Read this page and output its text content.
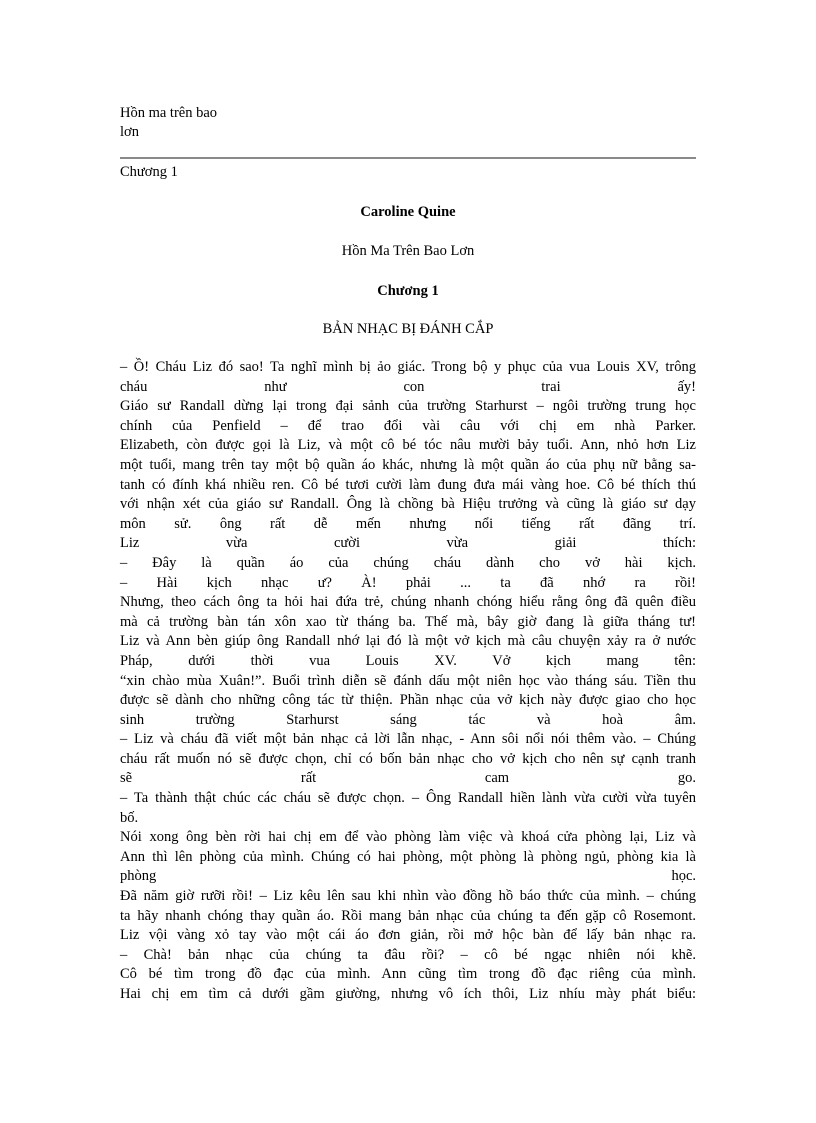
Hồn ma trên bao
lơn
Chương 1
Caroline Quine
Hồn Ma Trên Bao Lơn
Chương 1
BẢN NHẠC BỊ ĐÁNH CẮP
– Ồ! Cháu Liz đó sao! Ta nghĩ mình bị ảo giác. Trong bộ y phục của vua Louis XV, trông
cháu như con trai ấy!
Giáo sư Randall dừng lại trong đại sảnh của trường Starhurst – ngôi trường trung học
chính của Penfield – để trao đổi vài câu với chị em nhà Parker.
Elizabeth, còn được gọi là Liz, và một cô bé tóc nâu mười bảy tuổi. Ann, nhỏ hơn Liz
một tuổi, mang trên tay một bộ quần áo khác, nhưng là một quần áo của phụ nữ bằng sa-
tanh có đính khá nhiều ren. Cô bé tươi cười làm đung đưa mái vàng hoe. Cô bé thích thú
với nhận xét của giáo sư Randall. Ông là chồng bà Hiệu trưởng và cũng là giáo sư dạy
môn sử. ông rất dễ mến nhưng nổi tiếng rất đãng trí.
Liz vừa cười vừa giải thích:
– Đây là quần áo của chúng cháu dành cho vở hài kịch.
– Hài kịch nhạc ư? À! phải ... ta đã nhớ ra rồi!
Nhưng, theo cách ông ta hỏi hai đứa trẻ, chúng nhanh chóng hiểu rằng ông đã quên điều
mà cả trường bàn tán xôn xao từ tháng ba. Thế mà, bây giờ đang là giữa tháng tư!
Liz và Ann bèn giúp ông Randall nhớ lại đó là một vở kịch mà câu chuyện xảy ra ở nước
Pháp, dưới thời vua Louis XV. Vở kịch mang tên:
“xin chào mùa Xuân!”. Buổi trình diễn sẽ đánh dấu một niên học vào tháng sáu. Tiền thu
được sẽ dành cho những công tác từ thiện. Phần nhạc của vở kịch này được giao cho học
sinh trường Starhurst sáng tác và hoà âm.
– Liz và cháu đã viết một bản nhạc cả lời lẫn nhạc, - Ann sôi nổi nói thêm vào. – Chúng
cháu rất muốn nó sẽ được chọn, chỉ có bốn bản nhạc cho vở kịch cho nên sự cạnh tranh
sẽ rất cam go.
– Ta thành thật chúc các cháu sẽ được chọn. – Ông Randall hiền lành vừa cười vừa tuyên
bố.
Nói xong ông bèn rời hai chị em để vào phòng làm việc và khoá cửa phòng lại, Liz và
Ann thì lên phòng của mình. Chúng có hai phòng, một phòng là phòng ngủ, phòng kia là
phòng học.
Đã năm giờ rưỡi rồi! – Liz kêu lên sau khi nhìn vào đồng hồ báo thức của mình. – chúng
ta hãy nhanh chóng thay quần áo. Rồi mang bản nhạc của chúng ta đến gặp cô Rosemont.
Liz vội vàng xỏ tay vào một cái áo đơn giản, rồi mở hộc bàn để lấy bản nhạc ra.
– Chà! bản nhạc của chúng ta đâu rồi? – cô bé ngạc nhiên nói khẽ.
Cô bé tìm trong đồ đạc của mình. Ann cũng tìm trong đồ đạc riêng của mình.
Hai chị em tìm cả dưới gầm giường, nhưng vô ích thôi, Liz nhíu mày phát biểu:
